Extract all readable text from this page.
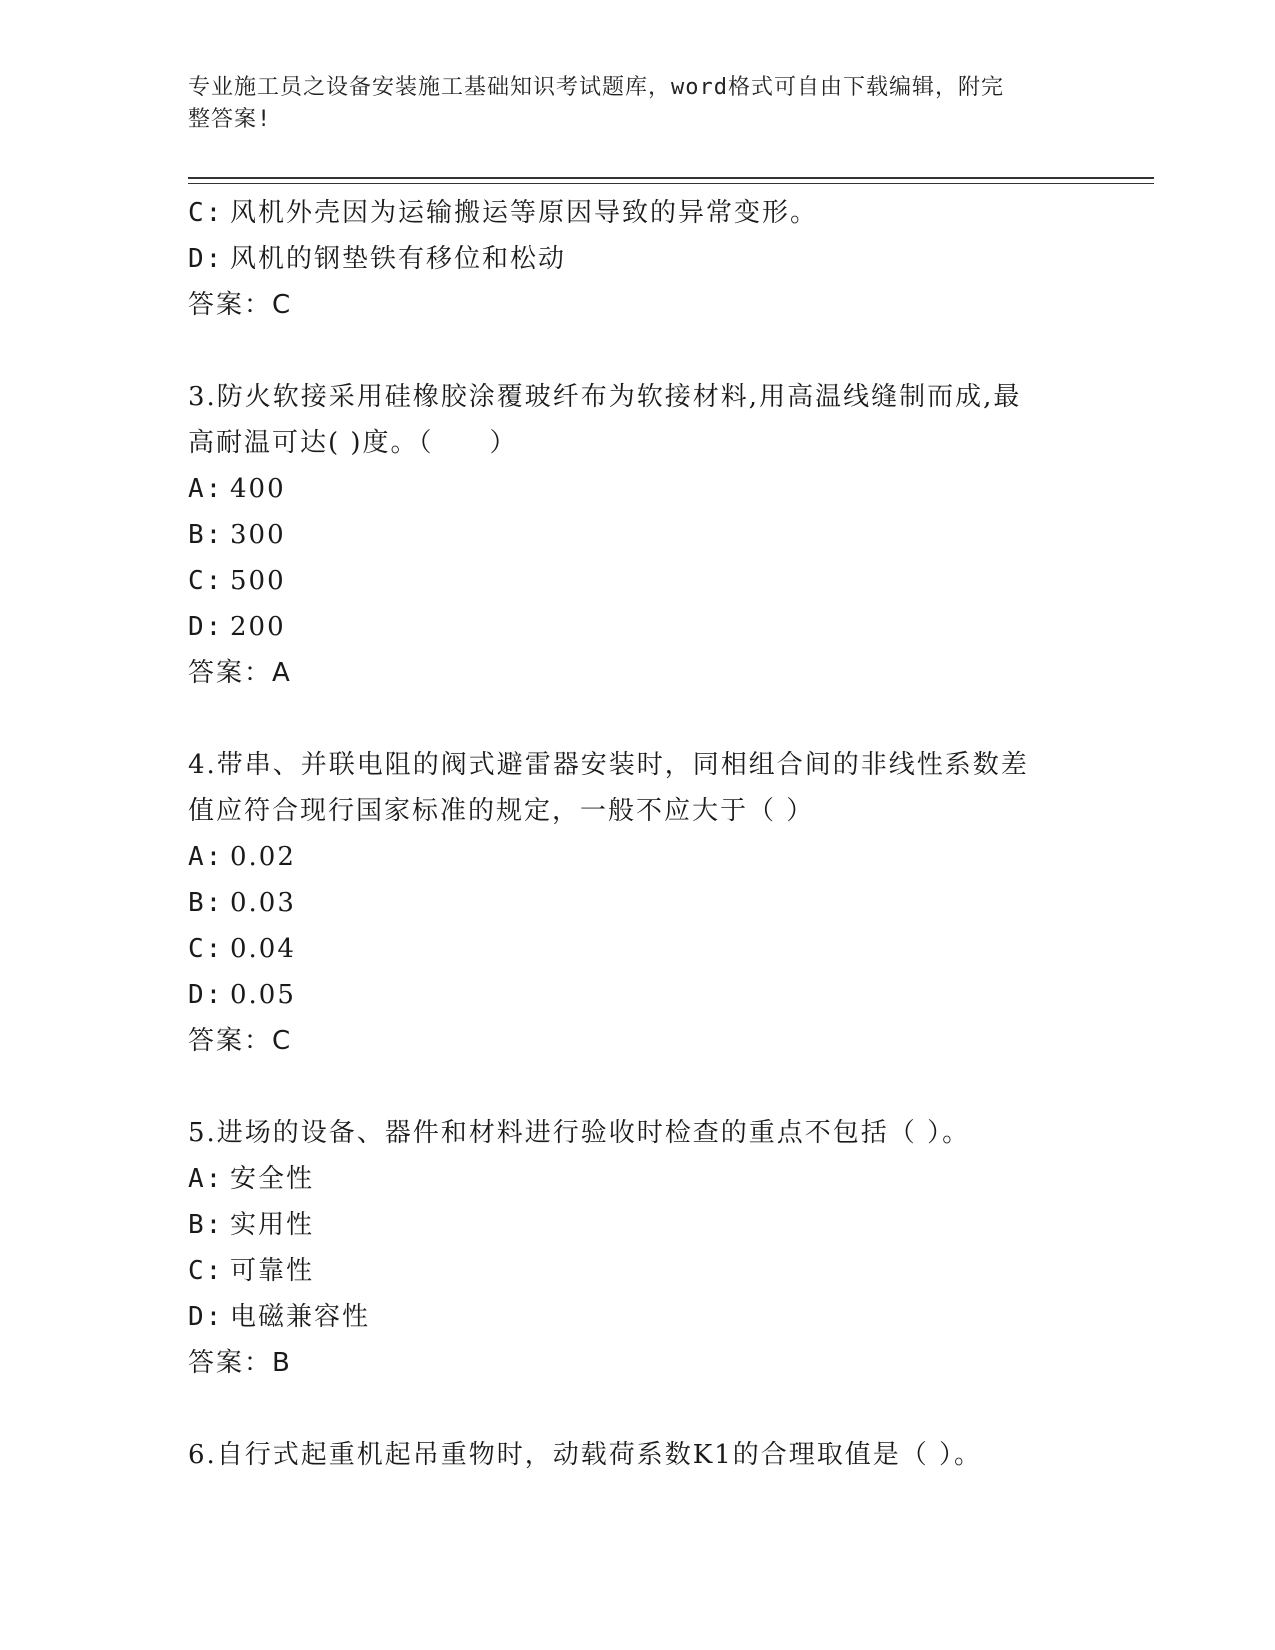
专业施工员之设备安装施工基础知识考试题库，word格式可自由下载编辑，附完
整答案!
C: 风机外壳因为运输搬运等原因导致的异常变形。
D: 风机的钢垫铁有移位和松动
答案：C
3.防火软接采用硅橡胶涂覆玻纤布为软接材料,用高温线缝制而成,最
高耐温可达( )度。（　　）
A: 400
B: 300
C: 500
D: 200
答案：A
4.带串、并联电阻的阀式避雷器安装时，同相组合间的非线性系数差
值应符合现行国家标准的规定，一般不应大于（ ）
A: 0.02
B: 0.03
C: 0.04
D: 0.05
答案：C
5.进场的设备、器件和材料进行验收时检查的重点不包括（ ）。
A: 安全性
B: 实用性
C: 可靠性
D: 电磁兼容性
答案：B
6.自行式起重机起吊重物时，动载荷系数K1的合理取值是（ ）。
